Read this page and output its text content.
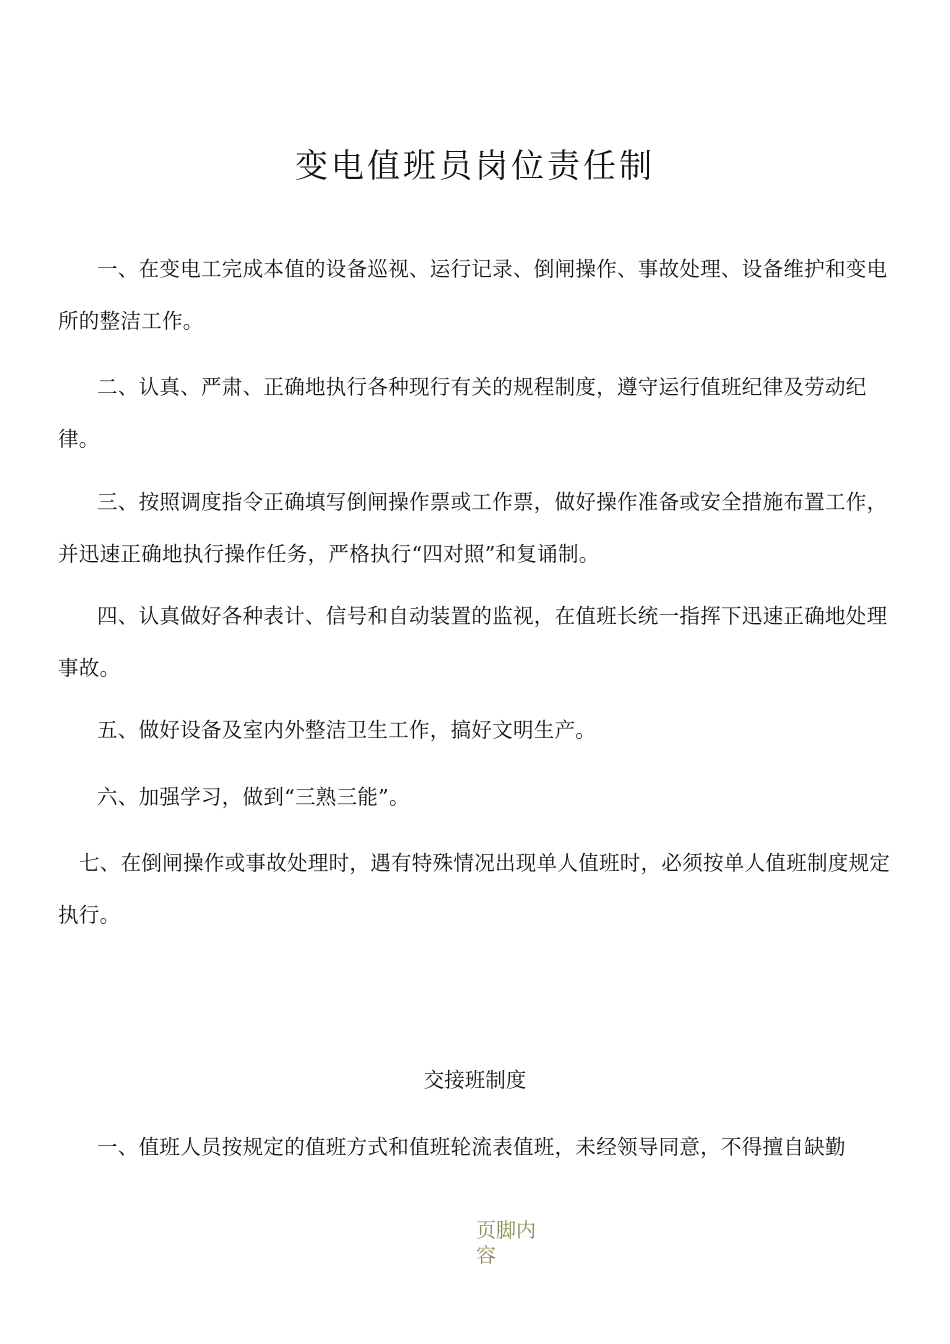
变电值班员岗位责任制

一、在变电工完成本值的设备巡视、运行记录、倒闸操作、事故处理、设备维护和变电所的整洁工作。

二、认真、严肃、正确地执行各种现行有关的规程制度，遵守运行值班纪律及劳动纪律。

三、按照调度指令正确填写倒闸操作票或工作票，做好操作准备或安全措施布置工作，并迅速正确地执行操作任务，严格执行“四对照”和复诵制。

四、认真做好各种表计、信号和自动装置的监视，在值班长统一指挥下迅速正确地处理事故。

五、做好设备及室内外整洁卫生工作，搞好文明生产。

六、加强学习，做到“三熟三能”。

七、在倒闸操作或事故处理时，遇有特殊情况出现单人值班时，必须按单人值班制度规定执行。

交接班制度

一、值班人员按规定的值班方式和值班轮流表值班，未经领导同意，不得擅自缺勤

页脚内容
